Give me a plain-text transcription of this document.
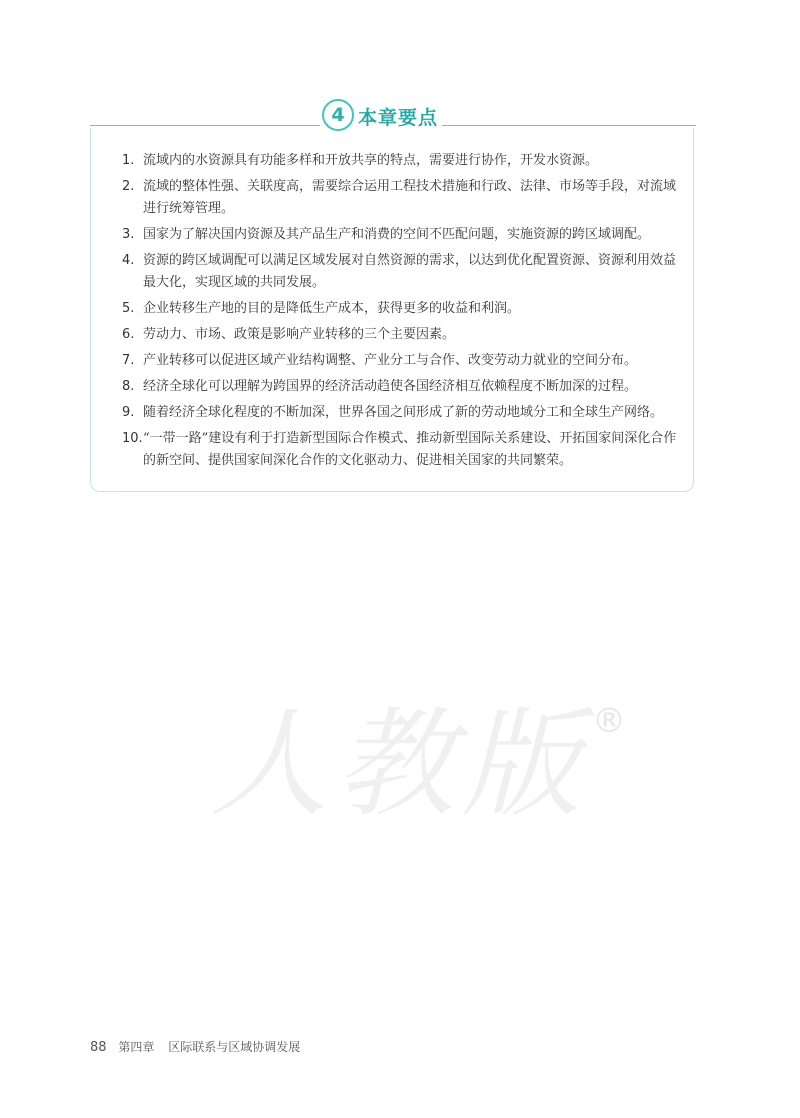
4 本章要点
1. 流域内的水资源具有功能多样和开放共享的特点，需要进行协作，开发水资源。
2. 流域的整体性强、关联度高，需要综合运用工程技术措施和行政、法律、市场等手段，对流域进行统筹管理。
3. 国家为了解决国内资源及其产品生产和消费的空间不匹配问题，实施资源的跨区域调配。
4. 资源的跨区域调配可以满足区域发展对自然资源的需求，以达到优化配置资源、资源利用效益最大化，实现区域的共同发展。
5. 企业转移生产地的目的是降低生产成本，获得更多的收益和利润。
6. 劳动力、市场、政策是影响产业转移的三个主要因素。
7. 产业转移可以促进区域产业结构调整、产业分工与合作、改变劳动力就业的空间分布。
8. 经济全球化可以理解为跨国界的经济活动趋使各国经济相互依赖程度不断加深的过程。
9. 随着经济全球化程度的不断加深，世界各国之间形成了新的劳动地域分工和全球生产网络。
10. “一带一路”建设有利于打造新型国际合作模式、推动新型国际关系建设、开拓国家间深化合作的新空间、提供国家间深化合作的文化驱动力、促进相关国家的共同繁荣。
人教版 ®
88 第四章 区际联系与区域协调发展
